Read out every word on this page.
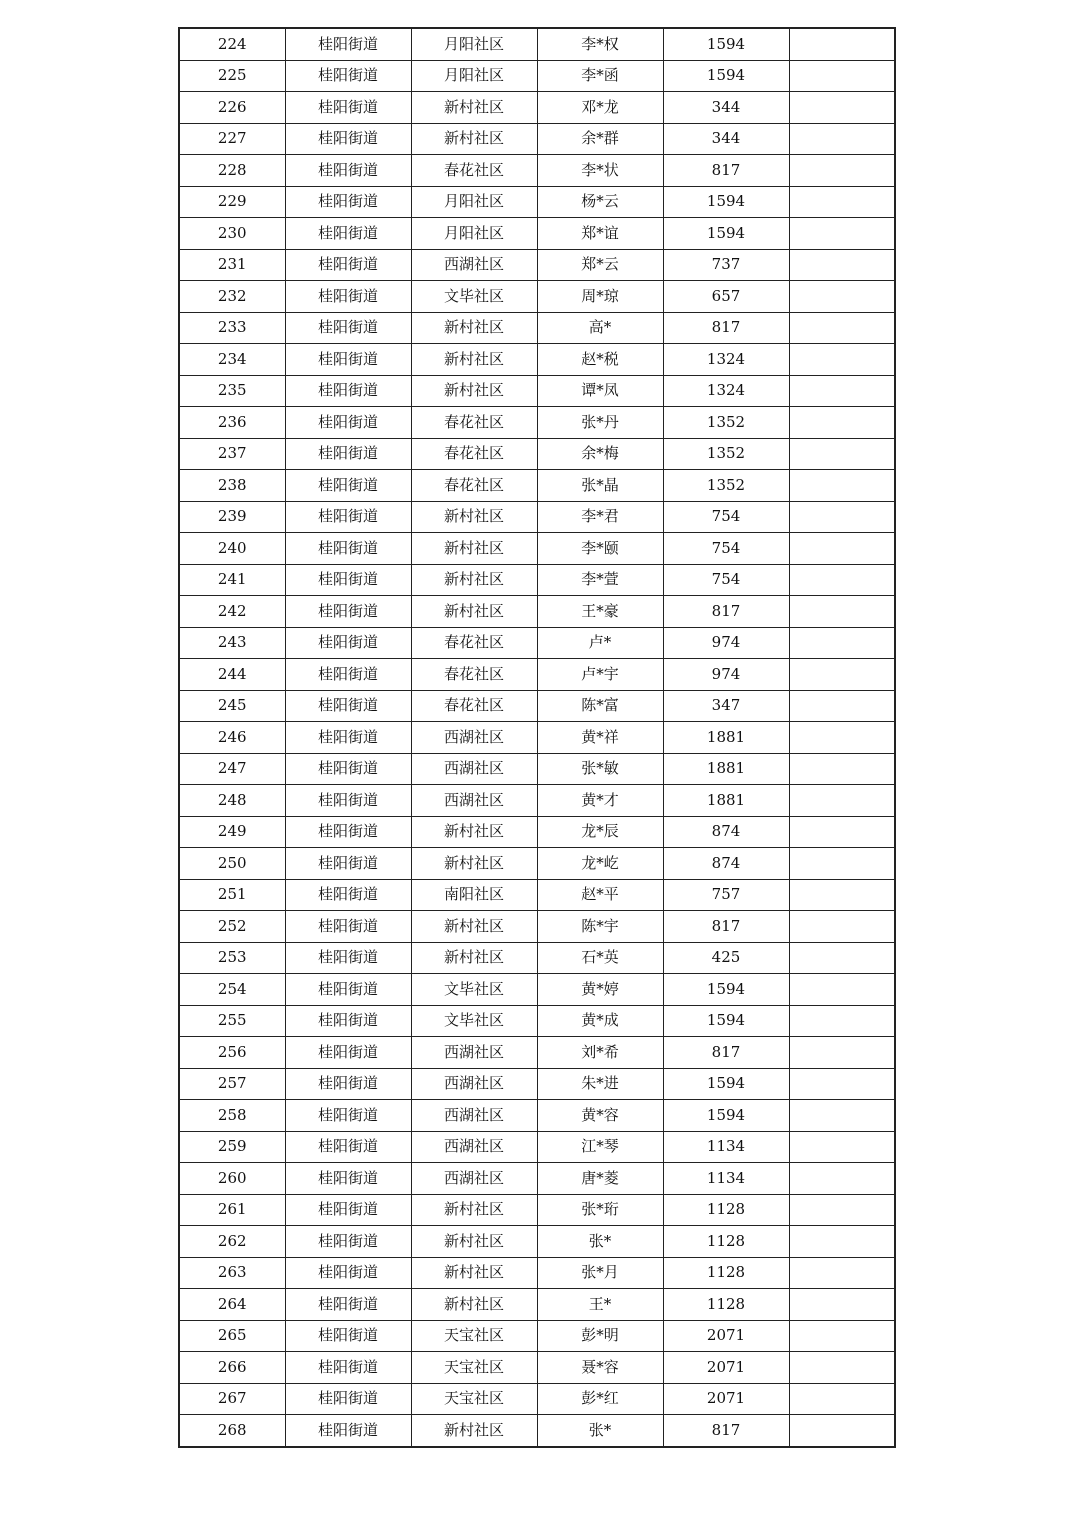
224	桂阳街道	月阳社区	李*权	1594	
225	桂阳街道	月阳社区	李*函	1594	
226	桂阳街道	新村社区	邓*龙	344	
227	桂阳街道	新村社区	余*群	344	
228	桂阳街道	春花社区	李*状	817	
229	桂阳街道	月阳社区	杨*云	1594	
230	桂阳街道	月阳社区	郑*谊	1594	
231	桂阳街道	西湖社区	郑*云	737	
232	桂阳街道	文毕社区	周*琼	657	
233	桂阳街道	新村社区	高*	817	
234	桂阳街道	新村社区	赵*税	1324	
235	桂阳街道	新村社区	谭*凤	1324	
236	桂阳街道	春花社区	张*丹	1352	
237	桂阳街道	春花社区	余*梅	1352	
238	桂阳街道	春花社区	张*晶	1352	
239	桂阳街道	新村社区	李*君	754	
240	桂阳街道	新村社区	李*颐	754	
241	桂阳街道	新村社区	李*萱	754	
242	桂阳街道	新村社区	王*豪	817	
243	桂阳街道	春花社区	卢*	974	
244	桂阳街道	春花社区	卢*宇	974	
245	桂阳街道	春花社区	陈*富	347	
246	桂阳街道	西湖社区	黄*祥	1881	
247	桂阳街道	西湖社区	张*敏	1881	
248	桂阳街道	西湖社区	黄*才	1881	
249	桂阳街道	新村社区	龙*辰	874	
250	桂阳街道	新村社区	龙*屹	874	
251	桂阳街道	南阳社区	赵*平	757	
252	桂阳街道	新村社区	陈*宇	817	
253	桂阳街道	新村社区	石*英	425	
254	桂阳街道	文毕社区	黄*婷	1594	
255	桂阳街道	文毕社区	黄*成	1594	
256	桂阳街道	西湖社区	刘*希	817	
257	桂阳街道	西湖社区	朱*进	1594	
258	桂阳街道	西湖社区	黄*容	1594	
259	桂阳街道	西湖社区	江*琴	1134	
260	桂阳街道	西湖社区	唐*菱	1134	
261	桂阳街道	新村社区	张*珩	1128	
262	桂阳街道	新村社区	张*	1128	
263	桂阳街道	新村社区	张*月	1128	
264	桂阳街道	新村社区	王*	1128	
265	桂阳街道	天宝社区	彭*明	2071	
266	桂阳街道	天宝社区	聂*容	2071	
267	桂阳街道	天宝社区	彭*红	2071	
268	桂阳街道	新村社区	张*	817	
